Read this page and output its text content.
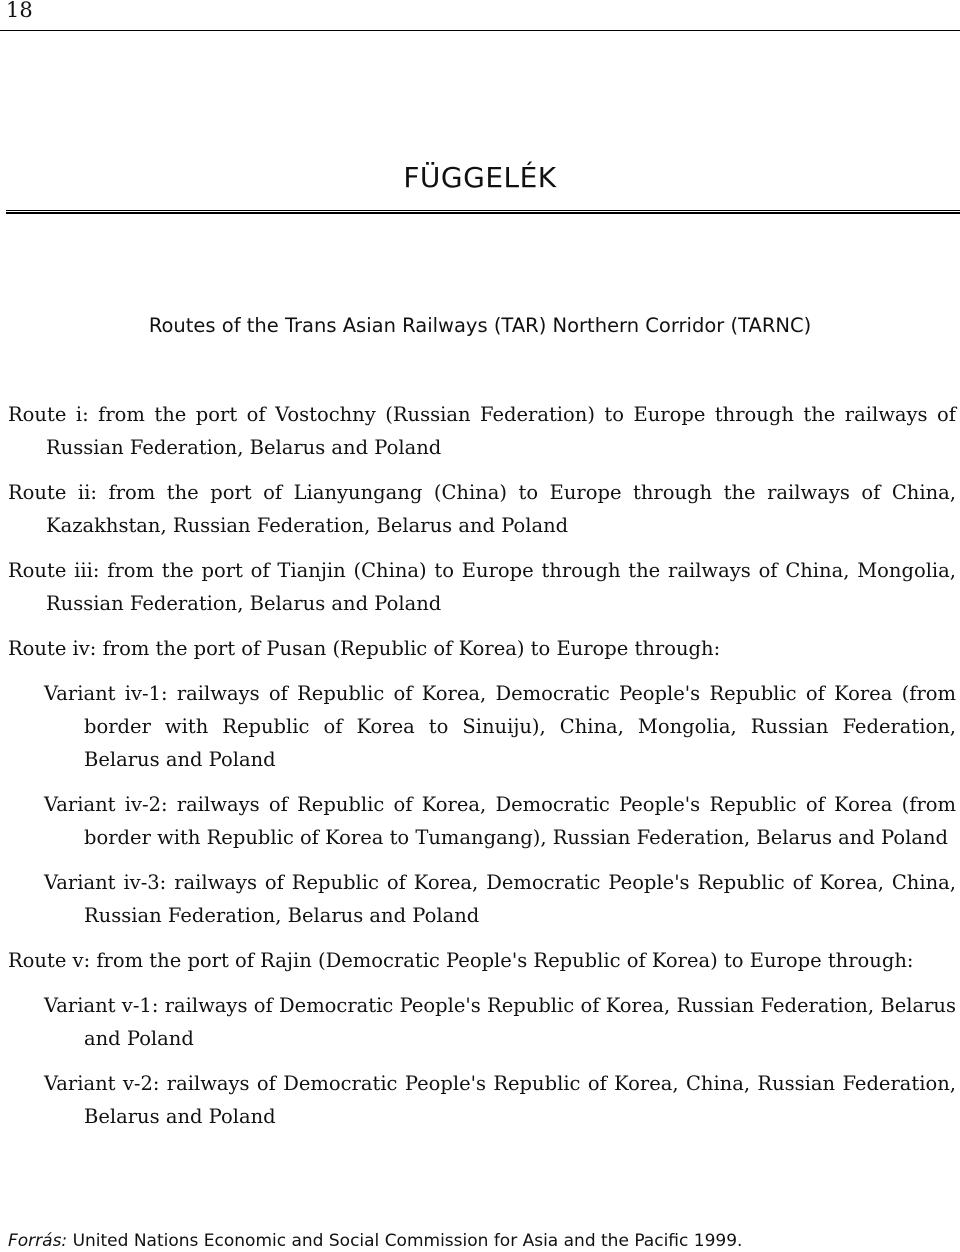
18
FÜGGELÉK
Routes of the Trans Asian Railways (TAR) Northern Corridor (TARNC)
Route i: from the port of Vostochny (Russian Federation) to Europe through the railways of Russian Federation, Belarus and Poland
Route ii: from the port of Lianyungang (China) to Europe through the railways of China, Kazakhstan, Russian Federation, Belarus and Poland
Route iii: from the port of Tianjin (China) to Europe through the railways of China, Mongolia, Russian Federation, Belarus and Poland
Route iv: from the port of Pusan (Republic of Korea) to Europe through:
Variant iv-1: railways of Republic of Korea, Democratic People's Republic of Korea (from border with Republic of Korea to Sinuiju), China, Mongolia, Russian Federation, Belarus and Poland
Variant iv-2: railways of Republic of Korea, Democratic People's Republic of Korea (from border with Republic of Korea to Tumangang), Russian Federation, Belarus and Poland
Variant iv-3: railways of Republic of Korea, Democratic People's Republic of Korea, China, Russian Federation, Belarus and Poland
Route v: from the port of Rajin (Democratic People's Republic of Korea) to Europe through:
Variant v-1: railways of Democratic People's Republic of Korea, Russian Federation, Belarus and Poland
Variant v-2: railways of Democratic People's Republic of Korea, China, Russian Federation, Belarus and Poland
Forrás: United Nations Economic and Social Commission for Asia and the Pacific 1999.
